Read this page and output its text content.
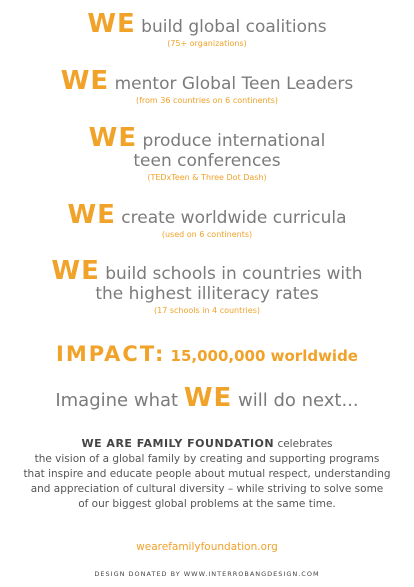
WE build global coalitions
(75+ organizations)
WE mentor Global Teen Leaders
(from 36 countries on 6 continents)
WE produce international
teen conferences
(TEDxTeen & Three Dot Dash)
WE create worldwide curricula
(used on 6 continents)
WE build schools in countries with
the highest illiteracy rates
(17 schools in 4 countries)
IMPACT: 15,000,000 worldwide
Imagine what WE will do next...
WE ARE FAMILY FOUNDATION celebrates
the vision of a global family by creating and supporting programs
that inspire and educate people about mutual respect, understanding
and appreciation of cultural diversity – while striving to solve some
of our biggest global problems at the same time.
wearefamilyfoundation.org
DESIGN DONATED BY WWW.INTERROBANGDESIGN.COM
